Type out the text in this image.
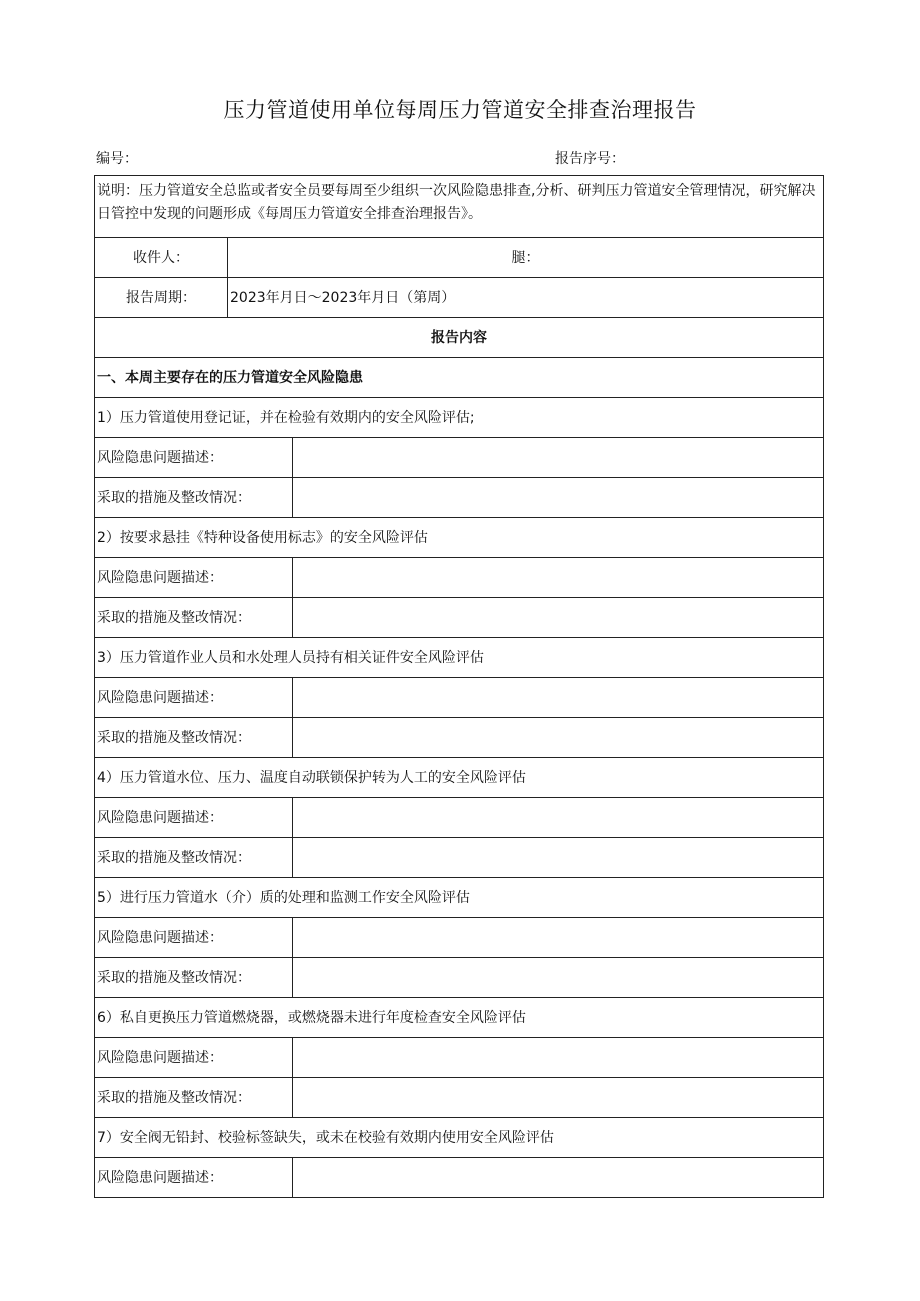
压力管道使用单位每周压力管道安全排查治理报告
编号：	报告序号：
说明：压力管道安全总监或者安全员要每周至少组织一次风险隐患排查,分析、研判压力管道安全管理情况，研究解决日管控中发现的问题形成《每周压力管道安全排查治理报告》。		
收件人：	腿：	
报告周期：	2023年月日〜2023年月日（第周）	
报告内容		
一、本周主要存在的压力管道安全风险隐患		
1）压力管道使用登记证，并在检验有效期内的安全风险评估;		
风险隐患问题描述：		
采取的措施及整改情况：		
2）按要求悬挂《特种设备使用标志》的安全风险评估		
风险隐患问题描述：		
采取的措施及整改情况：		
3）压力管道作业人员和水处理人员持有相关证件安全风险评估		
风险隐患问题描述：		
采取的措施及整改情况：		
4）压力管道水位、压力、温度自动联锁保护转为人工的安全风险评估		
风险隐患问题描述：		
采取的措施及整改情况：		
5）进行压力管道水（介）质的处理和监测工作安全风险评估		
风险隐患问题描述：		
采取的措施及整改情况：		
6）私自更换压力管道燃烧器，或燃烧器未进行年度检查安全风险评估		
风险隐患问题描述：		
采取的措施及整改情况：		
7）安全阀无铅封、校验标签缺失，或未在校验有效期内使用安全风险评估		
风险隐患问题描述：		
